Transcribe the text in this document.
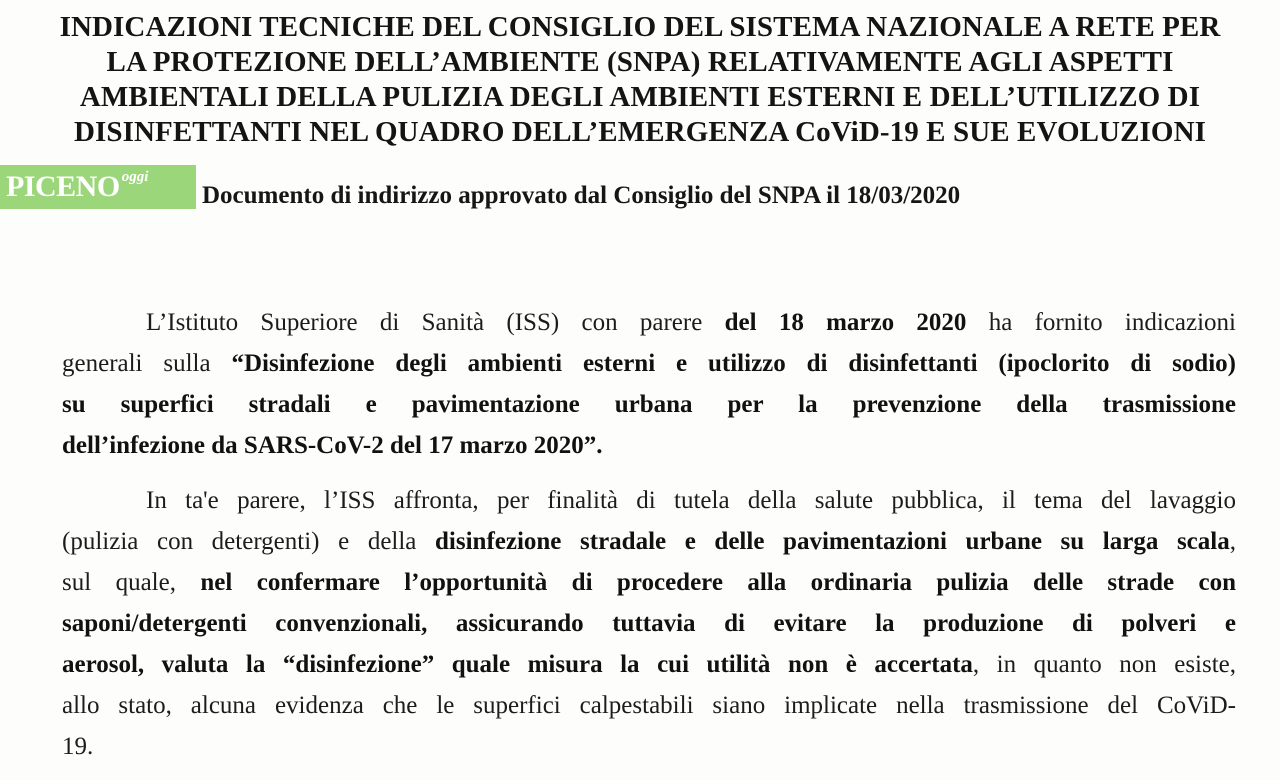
INDICAZIONI TECNICHE DEL CONSIGLIO DEL SISTEMA NAZIONALE A RETE PER
LA PROTEZIONE DELL’AMBIENTE (SNPA) RELATIVAMENTE AGLI ASPETTI
AMBIENTALI DELLA PULIZIA DEGLI AMBIENTI ESTERNI E DELL’UTILIZZO DI
DISINFETTANTI NEL QUADRO DELL’EMERGENZA CoViD-19 E SUE EVOLUZIONI
PICENO oggi

Documento di indirizzo approvato dal Consiglio del SNPA il 18/03/2020

L’Istituto Superiore di Sanità (ISS) con parere del 18 marzo 2020 ha fornito indicazioni
generali sulla “Disinfezione degli ambienti esterni e utilizzo di disinfettanti (ipoclorito di sodio)
su superfici stradali e pavimentazione urbana per la prevenzione della trasmissione
dell’infezione da SARS-CoV-2 del 17 marzo 2020”.

In ta'e parere, l’ISS affronta, per finalità di tutela della salute pubblica, il tema del lavaggio
(pulizia con detergenti) e della disinfezione stradale e delle pavimentazioni urbane su larga scala,
sul quale, nel confermare l’opportunità di procedere alla ordinaria pulizia delle strade con
saponi/detergenti convenzionali, assicurando tuttavia di evitare la produzione di polveri e
aerosol, valuta la “disinfezione” quale misura la cui utilità non è accertata, in quanto non esiste,
allo stato, alcuna evidenza che le superfici calpestabili siano implicate nella trasmissione del CoViD-
19.
